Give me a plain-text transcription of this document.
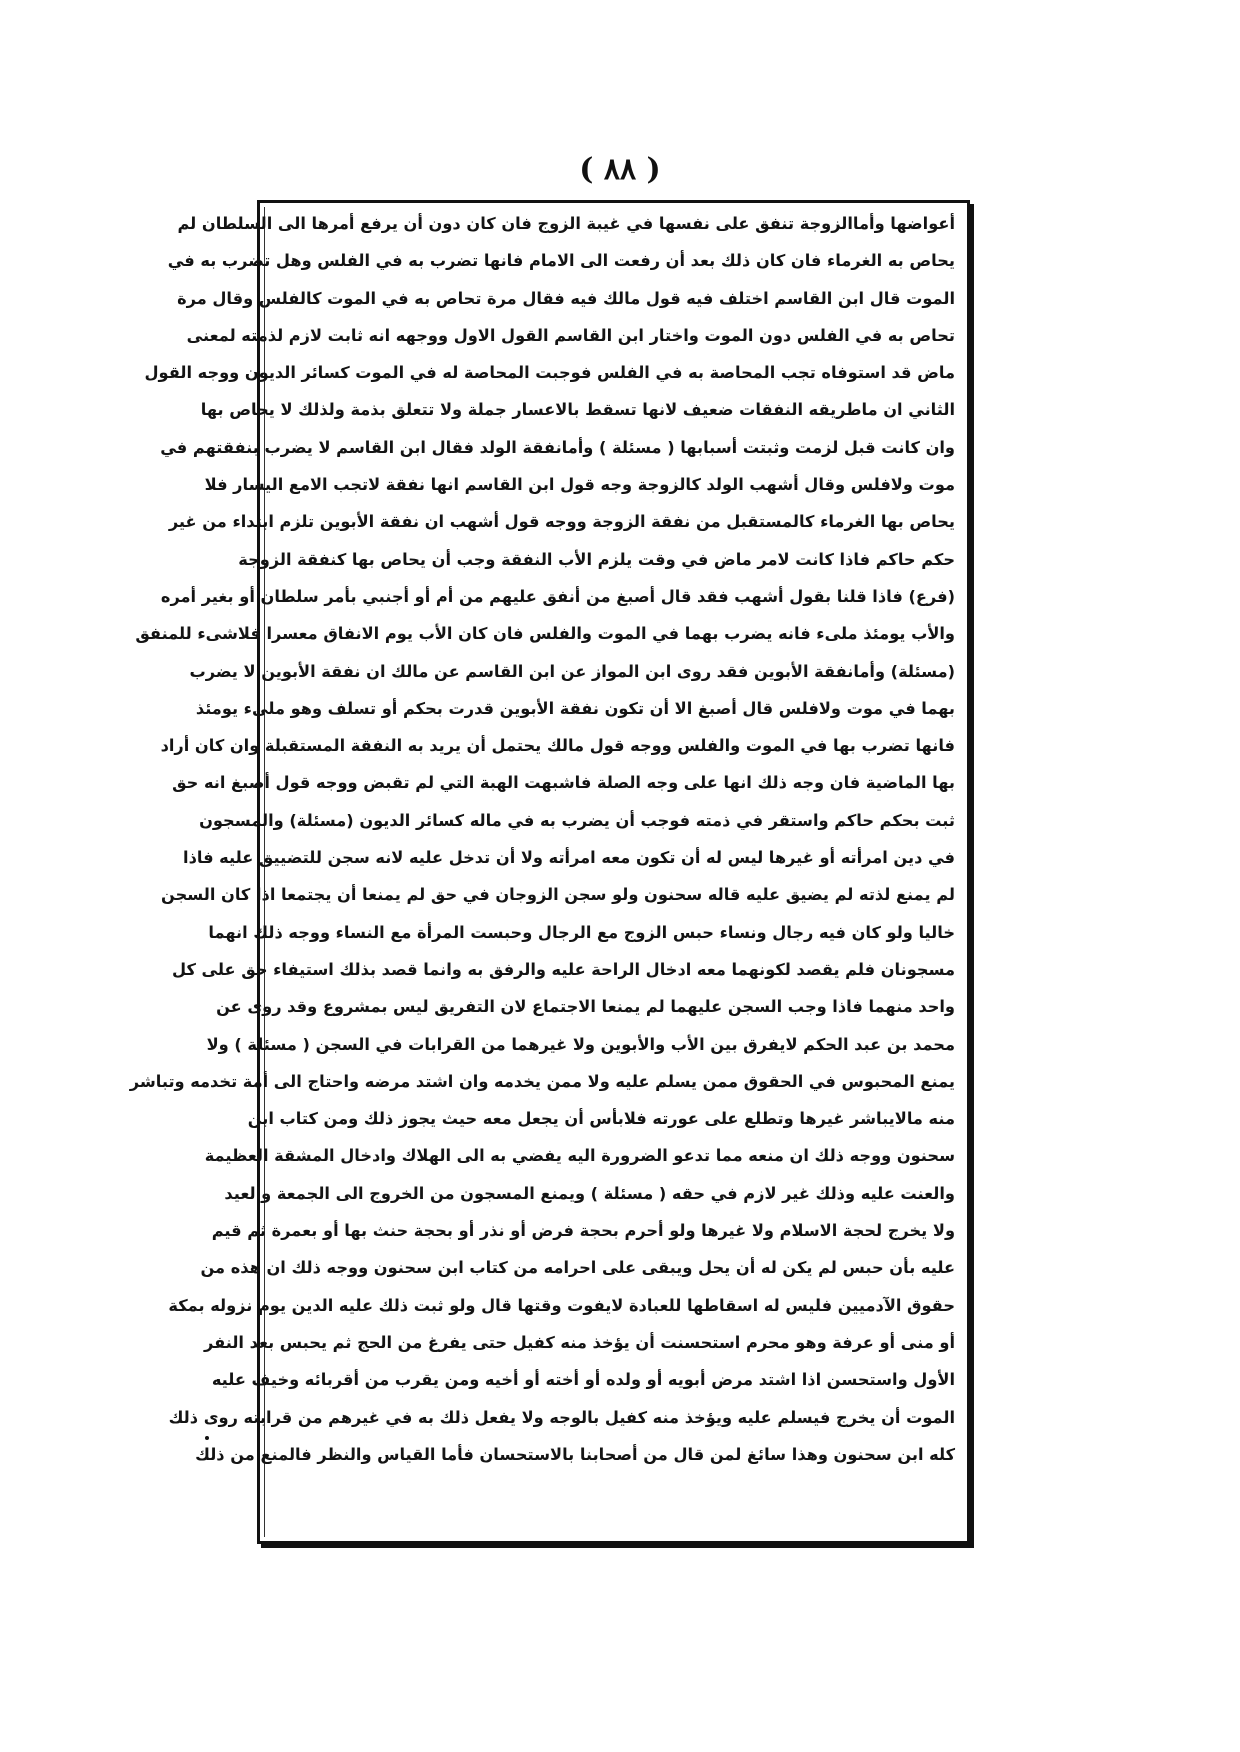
( ٨٨ )
أعواضها وأماالزوجة تنفق على نفسها في غيبة الزوج فان كان دون أن يرفع أمرها الى السلطان لم
يحاص به الغرماء فان كان ذلك بعد أن رفعت الى الامام فانها تضرب به في الفلس وهل تضرب به في
الموت قال ابن القاسم اختلف فيه قول مالك فيه فقال مرة تحاص به في الموت كالفلس وقال مرة
تحاص به في الفلس دون الموت واختار ابن القاسم القول الاول ووجهه انه ثابت لازم لذمته لمعنى
ماض قد استوفاه تجب المحاصة به في الفلس فوجبت المحاصة له في الموت كسائر الديون ووجه القول
الثاني ان ماطريقه النفقات ضعيف لانها تسقط بالاعسار جملة ولا تتعلق بذمة ولذلك لا يحاص بها
وان كانت قبل لزمت وثبتت أسبابها ( مسئلة ) وأمانفقة الولد فقال ابن القاسم لا يضرب بنفقتهم في
موت ولافلس وقال أشهب الولد كالزوجة وجه قول ابن القاسم انها نفقة لاتجب الامع اليسار فلا
يحاص بها الغرماء كالمستقبل من نفقة الزوجة ووجه قول أشهب ان نفقة الأبوين تلزم ابتداء من غير
حكم حاكم فاذا كانت لامر ماض في وقت يلزم الأب النفقة وجب أن يحاص بها كنفقة الزوجة
(فرع) فاذا قلنا بقول أشهب فقد قال أصبغ من أنفق عليهم من أم أو أجنبي بأمر سلطان أو بغير أمره
والأب يومئذ ملىء فانه يضرب بهما في الموت والفلس فان كان الأب يوم الانفاق معسرا فلاشىء للمنفق
(مسئلة) وأمانفقة الأبوين فقد روى ابن المواز عن ابن القاسم عن مالك ان نفقة الأبوين لا يضرب
بهما في موت ولافلس قال أصبغ الا أن تكون نفقة الأبوين قدرت بحكم أو تسلف وهو ملىء يومئذ
فانها تضرب بها في الموت والفلس ووجه قول مالك يحتمل أن يريد به النفقة المستقبلة وان كان أراد
بها الماضية فان وجه ذلك انها على وجه الصلة فاشبهت الهبة التي لم تقبض ووجه قول أصبغ انه حق
ثبت بحكم حاكم واستقر في ذمته فوجب أن يضرب به في ماله كسائر الديون (مسئلة) والمسجون
في دين امرأته أو غيرها ليس له أن تكون معه امرأته ولا أن تدخل عليه لانه سجن للتضييق عليه فاذا
لم يمنع لذته لم يضيق عليه قاله سحنون ولو سجن الزوجان في حق لم يمنعا أن يجتمعا اذا كان السجن
خاليا ولو كان فيه رجال ونساء حبس الزوج مع الرجال وحبست المرأة مع النساء ووجه ذلك انهما
مسجونان فلم يقصد لكونهما معه ادخال الراحة عليه والرفق به وانما قصد بذلك استيفاء حق على كل
واحد منهما فاذا وجب السجن عليهما لم يمنعا الاجتماع لان التفريق ليس بمشروع وقد روى عن
محمد بن عبد الحكم لايفرق بين الأب والأبوين ولا غيرهما من القرابات في السجن ( مسئلة ) ولا
يمنع المحبوس في الحقوق ممن يسلم عليه ولا ممن يخدمه وان اشتد مرضه واحتاج الى أمة تخدمه وتباشر
منه مالايباشر غيرها وتطلع على عورته فلابأس أن يجعل معه حيث يجوز ذلك ومن كتاب ابن
سحنون ووجه ذلك ان منعه مما تدعو الضرورة اليه يفضي به الى الهلاك وادخال المشقة العظيمة
والعنت عليه وذلك غير لازم في حقه ( مسئلة ) ويمنع المسجون من الخروج الى الجمعة والعيد
ولا يخرج لحجة الاسلام ولا غيرها ولو أحرم بحجة فرض أو نذر أو بحجة حنث بها أو بعمرة ثم قيم
عليه بأن حبس لم يكن له أن يحل ويبقى على احرامه من كتاب ابن سحنون ووجه ذلك ان هذه من
حقوق الآدميين فليس له اسقاطها للعبادة لايفوت وقتها قال ولو ثبت ذلك عليه الدين يوم نزوله بمكة
أو منى أو عرفة وهو محرم استحسنت أن يؤخذ منه كفيل حتى يفرغ من الحج ثم يحبس بعد النفر
الأول واستحسن اذا اشتد مرض أبويه أو ولده أو أخته أو أخيه ومن يقرب من أقربائه وخيف عليه
الموت أن يخرج فيسلم عليه ويؤخذ منه كفيل بالوجه ولا يفعل ذلك به في غيرهم من قرابته روى ذلك
كله ابن سحنون وهذا سائغ لمن قال من أصحابنا بالاستحسان فأما القياس والنظر فالمنع من ذلك
